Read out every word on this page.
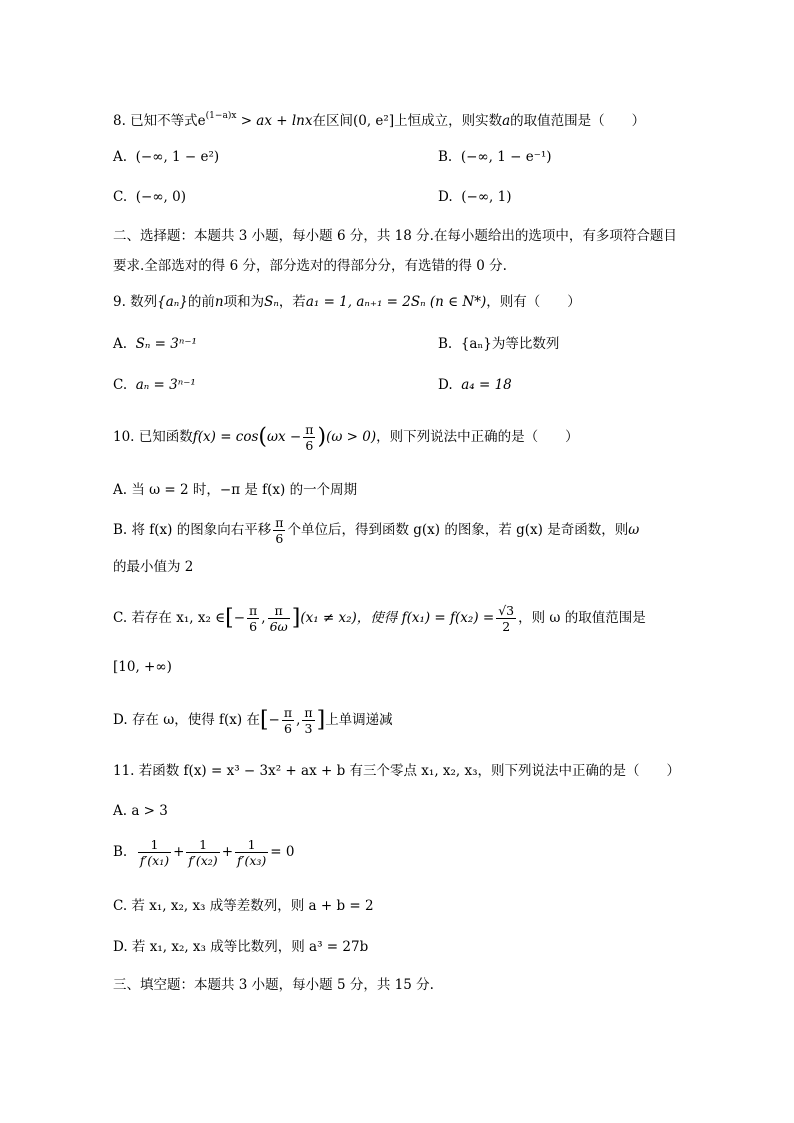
8. 已知不等式$e^{(1-a)x}$ > ax + lnx在区间(0, e²]上恒成立，则实数a的取值范围是（　　）
A. (−∞, 1 − e²)	B. (−∞, 1 − e⁻¹)
C. (−∞, 0)	D. (−∞, 1)
二、选择题：本题共 3 小题，每小题 6 分，共 18 分.在每小题给出的选项中，有多项符合题目
要求.全部选对的得 6 分，部分选对的得部分分，有选错的得 0 分.
9. 数列{aₙ}的前n项和为Sₙ，若a₁ = 1, aₙ₊₁ = 2Sₙ (n ∈ N*)，则有（　　）
A. Sₙ = 3ⁿ⁻¹	B. {aₙ}为等比数列
C. aₙ = 3ⁿ⁻¹	D. a₄ = 18
10. 已知函数$f(x) = \cos(\omega x - \frac{\pi}{6} )(\omega > 0)$，则下列说法中正确的是（　　）
A. 当 ω = 2 时，−π 是 f(x) 的一个周期
B. 将 f(x) 的图象向右平移 $\frac{\pi}{6}$ 个单位后，得到函数 g(x) 的图象，若 g(x) 是奇函数，则ω
的最小值为 2
C. 若存在 x₁, x₂ ∈[− $\frac{\pi}{6}$ , $\frac{\pi}{6\omega} ](x_1 \ne x_2)$，使得 $f(x_1) = f(x_2) = \frac{√3}{2}$ ，则 ω 的取值范围是
[10, +∞)
D. 存在 ω，使得 f(x) 在[− $\frac{\pi}{6}$ , $\frac{\pi}{3}$ ]上单调递减
11. 若函数 f(x) = x³ − 3x² + ax + b 有三个零点 x₁, x₂, x₃，则下列说法中正确的是（　　）
A. a > 3
B. $\frac{1}{\text{f′(x₁)}} + \frac{1}{\text{f′(x₂)}} + \frac{1}{\text{f′(x₃)}} = 0$
C. 若 x₁, x₂, x₃ 成等差数列，则 a + b = 2
D. 若 x₁, x₂, x₃ 成等比数列，则 a³ = 27b
三、填空题：本题共 3 小题，每小题 5 分，共 15 分.
